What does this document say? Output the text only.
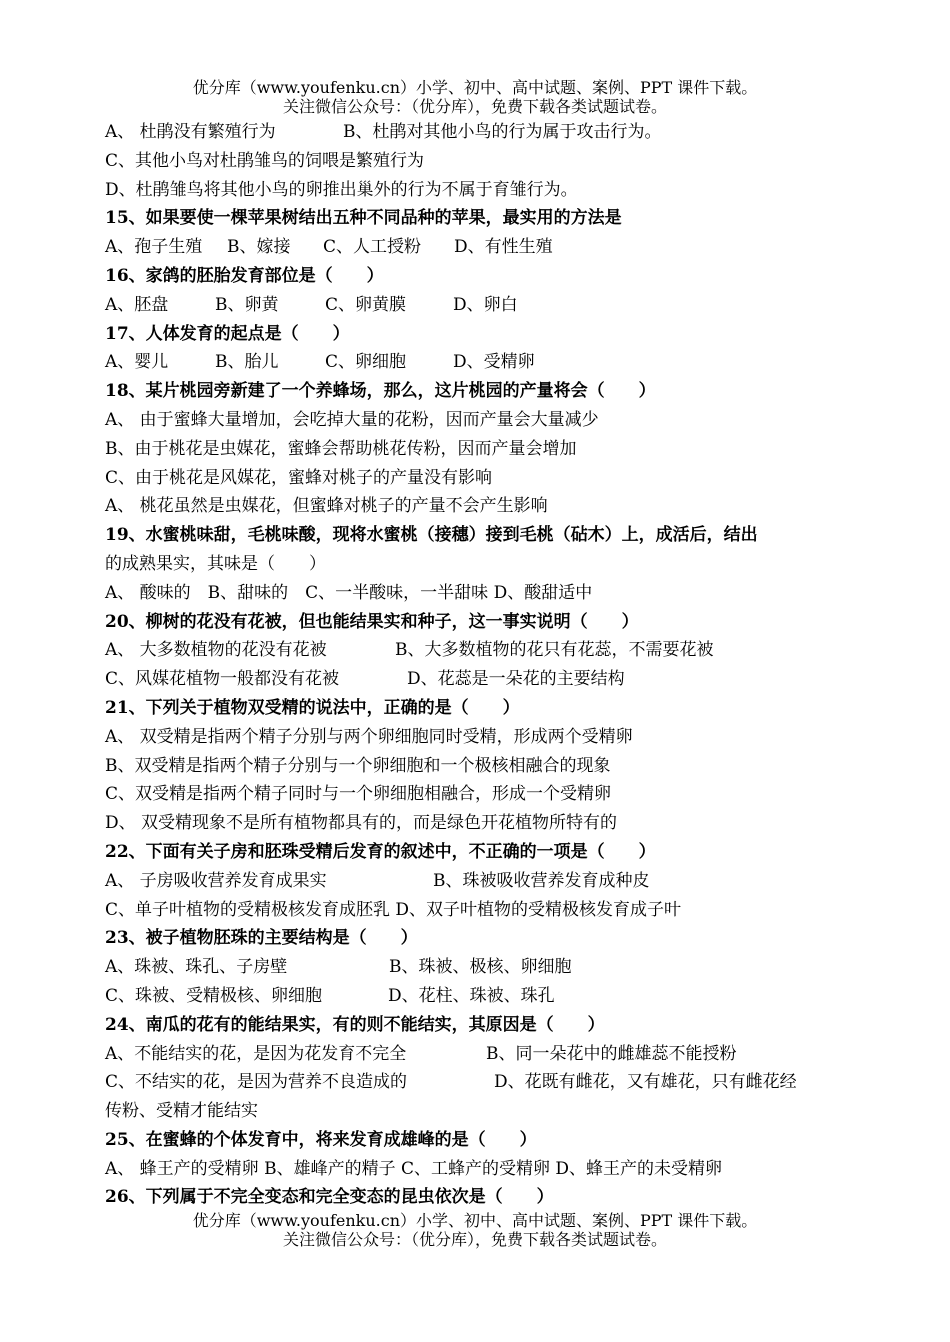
优分库（www.youfenku.cn）小学、初中、高中试题、案例、PPT 课件下载。
关注微信公众号：（优分库），免费下载各类试题试卷。
A、 杜鹃没有繁殖行为	B、杜鹃对其他小鸟的行为属于攻击行为。
C、其他小鸟对杜鹃雏鸟的饲喂是繁殖行为
D、杜鹃雏鸟将其他小鸟的卵推出巢外的行为不属于育雏行为。
15、如果要使一棵苹果树结出五种不同品种的苹果，最实用的方法是
A、孢子生殖 B、嫁接 C、人工授粉 D、有性生殖
16、家鸽的胚胎发育部位是（　　）
A、胚盘	B、卵黄	C、卵黄膜	D、卵白
17、人体发育的起点是（　　）
A、婴儿	B、胎儿	C、卵细胞	D、受精卵
18、某片桃园旁新建了一个养蜂场，那么，这片桃园的产量将会（　　）
A、 由于蜜蜂大量增加，会吃掉大量的花粉，因而产量会大量减少
B、由于桃花是虫媒花，蜜蜂会帮助桃花传粉，因而产量会增加
C、由于桃花是风媒花，蜜蜂对桃子的产量没有影响
A、 桃花虽然是虫媒花，但蜜蜂对桃子的产量不会产生影响
19、水蜜桃味甜，毛桃味酸，现将水蜜桃（接穗）接到毛桃（砧木）上，成活后，结出
的成熟果实，其味是（　　）
A、 酸味的　B、甜味的　C、一半酸味，一半甜味 D、酸甜适中
20、柳树的花没有花被，但也能结果实和种子，这一事实说明（　　）
A、 大多数植物的花没有花被	B、大多数植物的花只有花蕊，不需要花被
C、风媒花植物一般都没有花被	D、花蕊是一朵花的主要结构
21、下列关于植物双受精的说法中，正确的是（　　）
A、 双受精是指两个精子分别与两个卵细胞同时受精，形成两个受精卵
B、双受精是指两个精子分别与一个卵细胞和一个极核相融合的现象
C、双受精是指两个精子同时与一个卵细胞相融合，形成一个受精卵
D、 双受精现象不是所有植物都具有的，而是绿色开花植物所特有的
22、下面有关子房和胚珠受精后发育的叙述中，不正确的一项是（　　）
A、 子房吸收营养发育成果实	B、珠被吸收营养发育成种皮
C、单子叶植物的受精极核发育成胚乳 D、双子叶植物的受精极核发育成子叶
23、被子植物胚珠的主要结构是（　　）
A、珠被、珠孔、子房壁	B、珠被、极核、卵细胞
C、珠被、受精极核、卵细胞	D、花柱、珠被、珠孔
24、南瓜的花有的能结果实，有的则不能结实，其原因是（　　）
A、不能结实的花，是因为花发育不完全	B、同一朵花中的雌雄蕊不能授粉
C、不结实的花，是因为营养不良造成的	D、花既有雌花，又有雄花，只有雌花经
传粉、受精才能结实
25、在蜜蜂的个体发育中，将来发育成雄峰的是（　　）
A、 蜂王产的受精卵 B、雄峰产的精子 C、工蜂产的受精卵 D、蜂王产的未受精卵
26、下列属于不完全变态和完全变态的昆虫依次是（　　）
优分库（www.youfenku.cn）小学、初中、高中试题、案例、PPT 课件下载。
关注微信公众号：（优分库），免费下载各类试题试卷。
